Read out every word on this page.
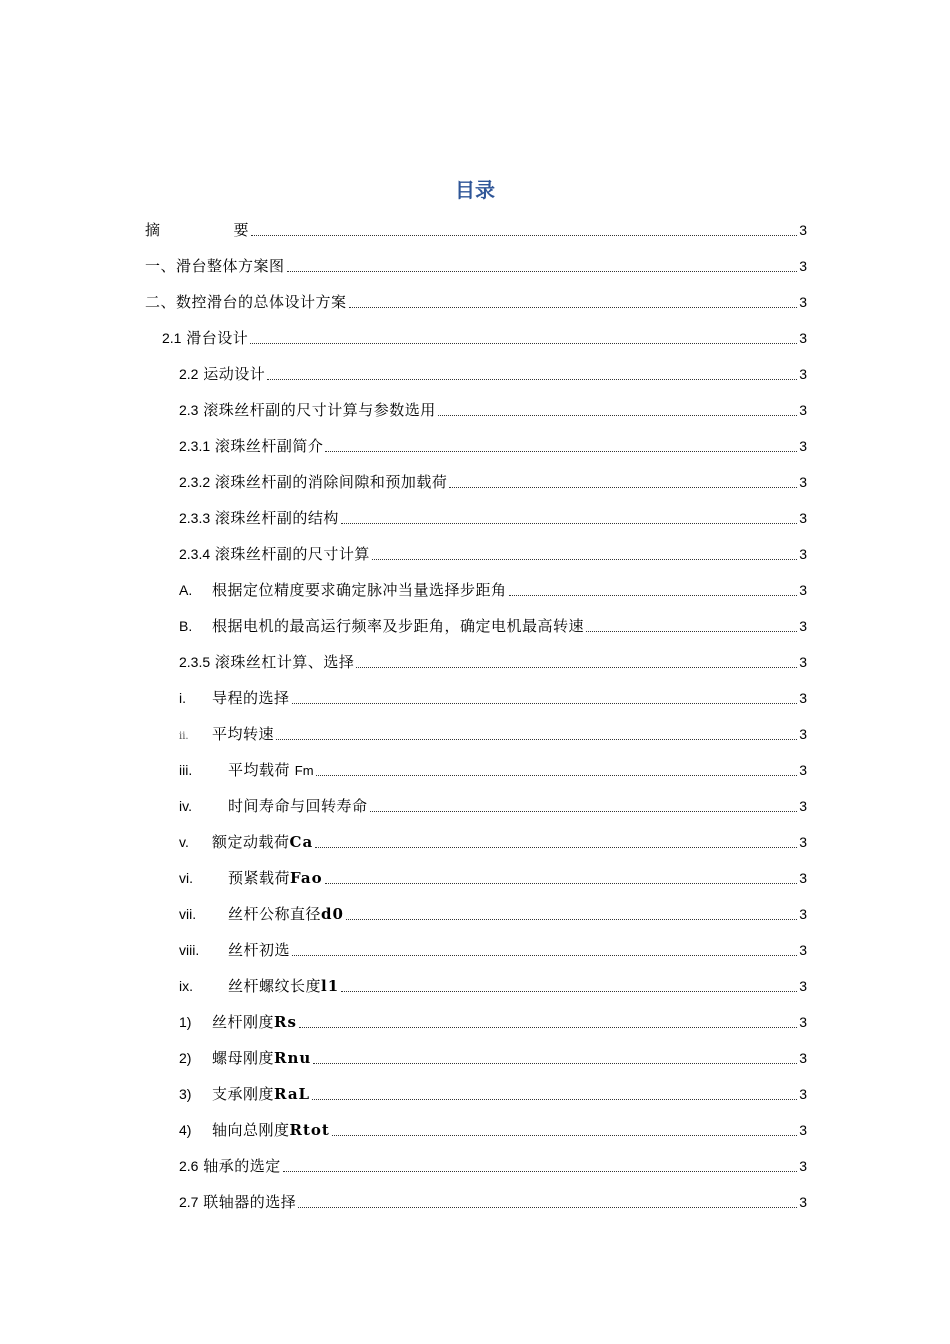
目录
摘	要	3
一、滑台整体方案图	3
二、数控滑台的总体设计方案	3
2.1 滑台设计	3
2.2 运动设计	3
2.3 滚珠丝杆副的尺寸计算与参数选用	3
2.3.1 滚珠丝杆副简介	3
2.3.2 滚珠丝杆副的消除间隙和预加载荷	3
2.3.3 滚珠丝杆副的结构	3
2.3.4 滚珠丝杆副的尺寸计算	3
A. 根据定位精度要求确定脉冲当量选择步距角	3
B. 根据电机的最高运行频率及步距角，确定电机最高转速	3
2.3.5 滚珠丝杠计算、选择	3
i. 导程的选择	3
ii. 平均转速	3
iii. 平均载荷 Fm	3
iv. 时间寿命与回转寿命	3
v. 额定动载荷Ca	3
vi. 预紧载荷Fao	3
vii. 丝杆公称直径d0	3
viii. 丝杆初选	3
ix. 丝杆螺纹长度l1	3
1) 丝杆刚度Rs	3
2) 螺母刚度Rnu	3
3) 支承刚度RaL	3
4) 轴向总刚度Rtot	3
2.6 轴承的选定	3
2.7 联轴器的选择	3
